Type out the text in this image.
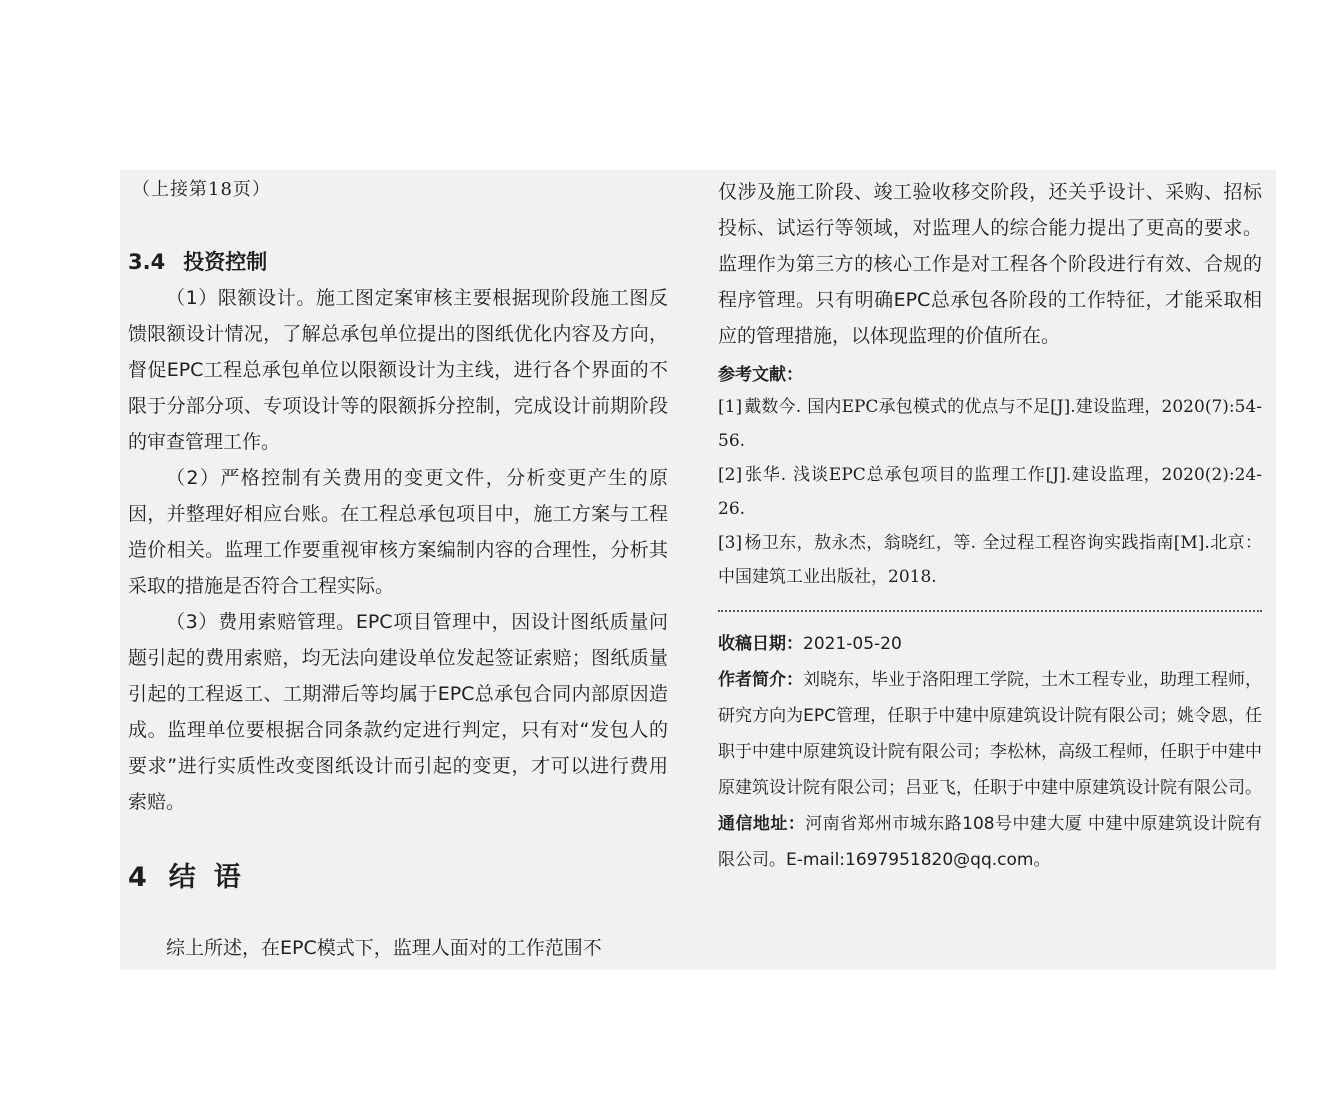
（上接第18页）
3.4 投资控制

（1）限额设计。施工图定案审核主要根据现阶段施工图反馈限额设计情况，了解总承包单位提出的图纸优化内容及方向，督促EPC工程总承包单位以限额设计为主线，进行各个界面的不限于分部分项、专项设计等的限额拆分控制，完成设计前期阶段的审查管理工作。

（2）严格控制有关费用的变更文件，分析变更产生的原因，并整理好相应台账。在工程总承包项目中，施工方案与工程造价相关。监理工作要重视审核方案编制内容的合理性，分析其采取的措施是否符合工程实际。

（3）费用索赔管理。EPC项目管理中，因设计图纸质量问题引起的费用索赔，均无法向建设单位发起签证索赔；图纸质量引起的工程返工、工期滞后等均属于EPC总承包合同内部原因造成。监理单位要根据合同条款约定进行判定，只有对“发包人的要求”进行实质性改变图纸设计而引起的变更，才可以进行费用索赔。

4 结 语

综上所述，在EPC模式下，监理人面对的工作范围不

仅涉及施工阶段、竣工验收移交阶段，还关乎设计、采购、招标投标、试运行等领域，对监理人的综合能力提出了更高的要求。监理作为第三方的核心工作是对工程各个阶段进行有效、合规的程序管理。只有明确EPC总承包各阶段的工作特征，才能采取相应的管理措施，以体现监理的价值所在。

参考文献：
[1] 戴数今. 国内EPC承包模式的优点与不足[J].建设监理，2020(7):54-56.
[2] 张华. 浅谈EPC总承包项目的监理工作[J].建设监理，2020(2):24-26.
[3] 杨卫东，敖永杰，翁晓红，等. 全过程工程咨询实践指南[M].北京：中国建筑工业出版社，2018.

收稿日期：2021-05-20

作者简介：刘晓东，毕业于洛阳理工学院，土木工程专业，助理工程师，研究方向为EPC管理，任职于中建中原建筑设计院有限公司；姚令恩，任职于中建中原建筑设计院有限公司；李松林，高级工程师，任职于中建中原建筑设计院有限公司；吕亚飞，任职于中建中原建筑设计院有限公司。

通信地址：河南省郑州市城东路108号中建大厦 中建中原建筑设计院有限公司。E-mail:1697951820@qq.com。
